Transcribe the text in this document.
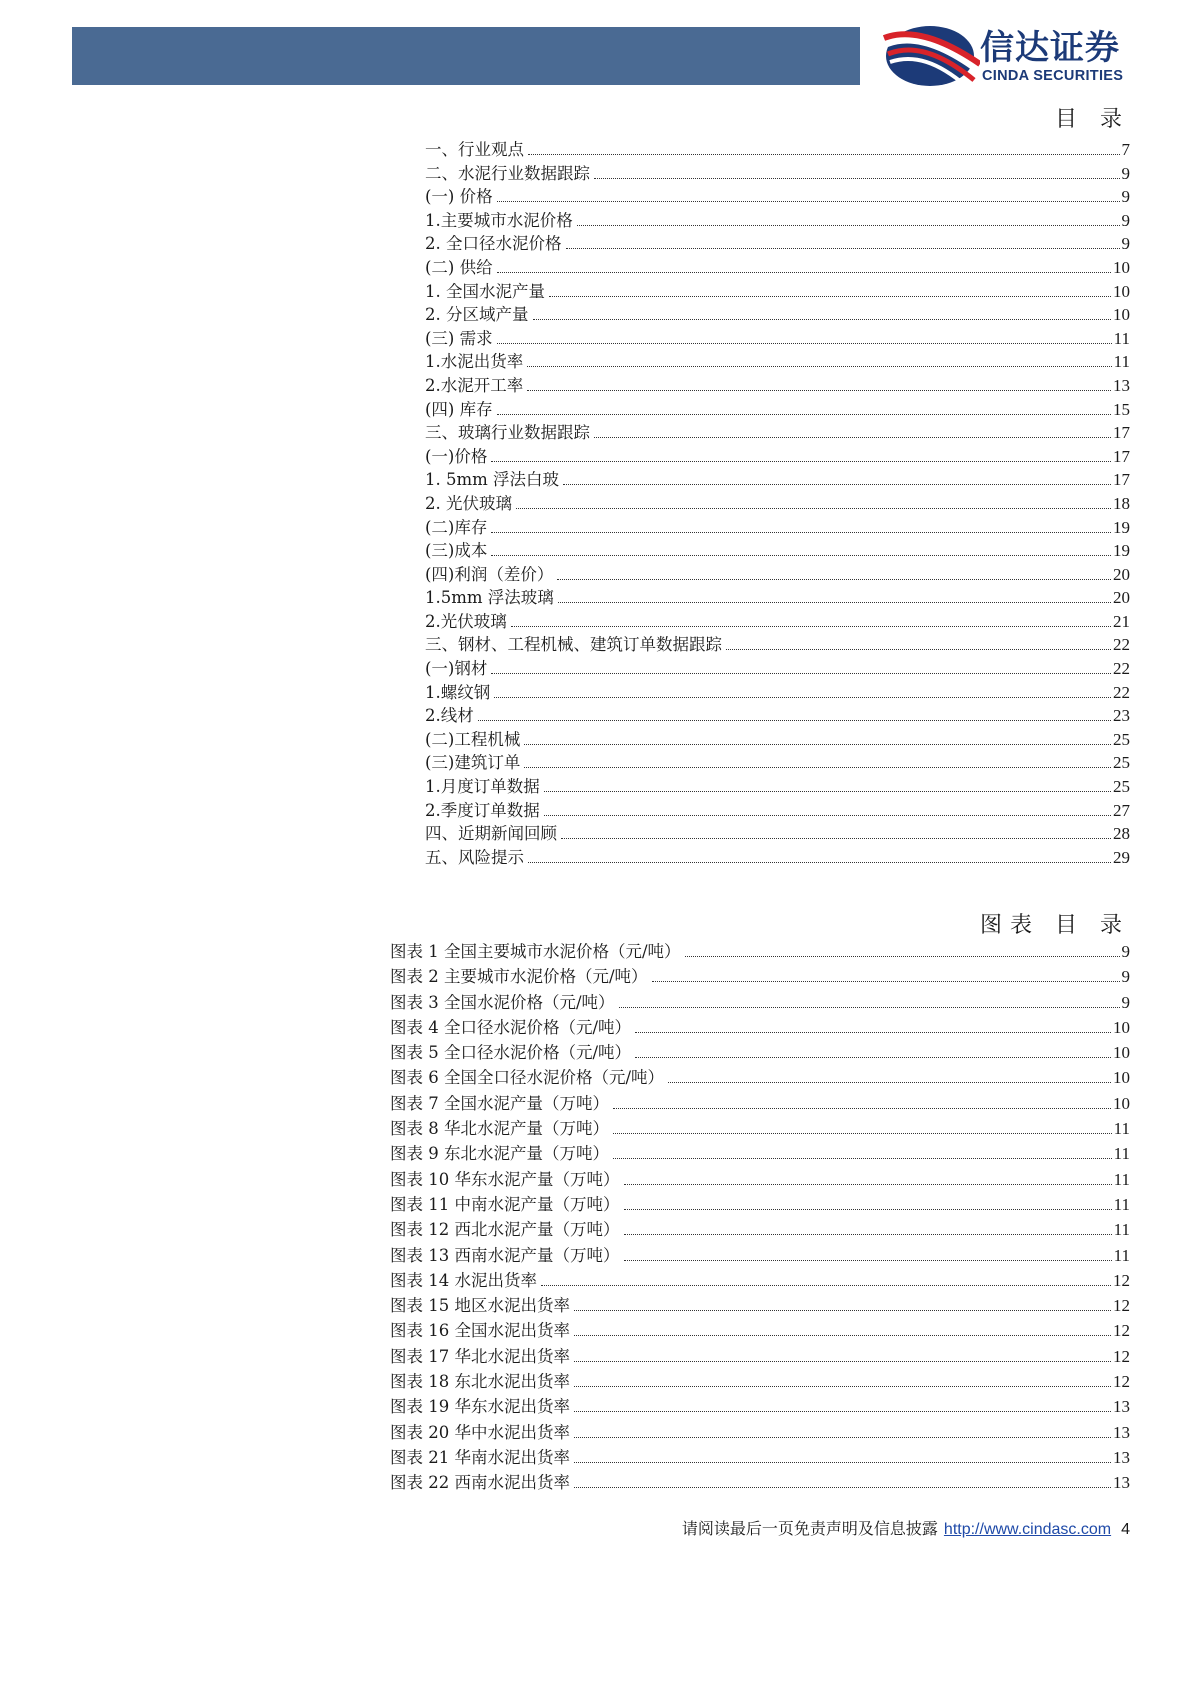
信达证券
CINDA SECURITIES
目 录
一、行业观点	7
二、水泥行业数据跟踪	9
(一) 价格	9
1.主要城市水泥价格	9
2. 全口径水泥价格	9
(二) 供给	10
1. 全国水泥产量	10
2. 分区域产量	10
(三) 需求	11
1.水泥出货率	11
2.水泥开工率	13
(四) 库存	15
三、玻璃行业数据跟踪	17
(一)价格	17
1. 5mm 浮法白玻	17
2. 光伏玻璃	18
(二)库存	19
(三)成本	19
(四)利润（差价）	20
1.5mm 浮法玻璃	20
2.光伏玻璃	21
三、钢材、工程机械、建筑订单数据跟踪	22
(一)钢材	22
1.螺纹钢	22
2.线材	23
(二)工程机械	25
(三)建筑订单	25
1.月度订单数据	25
2.季度订单数据	27
四、近期新闻回顾	28
五、风险提示	29
图表 目 录
图表 1 全国主要城市水泥价格（元/吨）	9
图表 2 主要城市水泥价格（元/吨）	9
图表 3 全国水泥价格（元/吨）	9
图表 4 全口径水泥价格（元/吨）	10
图表 5 全口径水泥价格（元/吨）	10
图表 6 全国全口径水泥价格（元/吨）	10
图表 7 全国水泥产量（万吨）	10
图表 8 华北水泥产量（万吨）	11
图表 9 东北水泥产量（万吨）	11
图表 10 华东水泥产量（万吨）	11
图表 11 中南水泥产量（万吨）	11
图表 12 西北水泥产量（万吨）	11
图表 13 西南水泥产量（万吨）	11
图表 14 水泥出货率	12
图表 15 地区水泥出货率	12
图表 16 全国水泥出货率	12
图表 17 华北水泥出货率	12
图表 18 东北水泥出货率	12
图表 19 华东水泥出货率	13
图表 20 华中水泥出货率	13
图表 21 华南水泥出货率	13
图表 22 西南水泥出货率	13
请阅读最后一页免责声明及信息披露 http://www.cindasc.com 4
